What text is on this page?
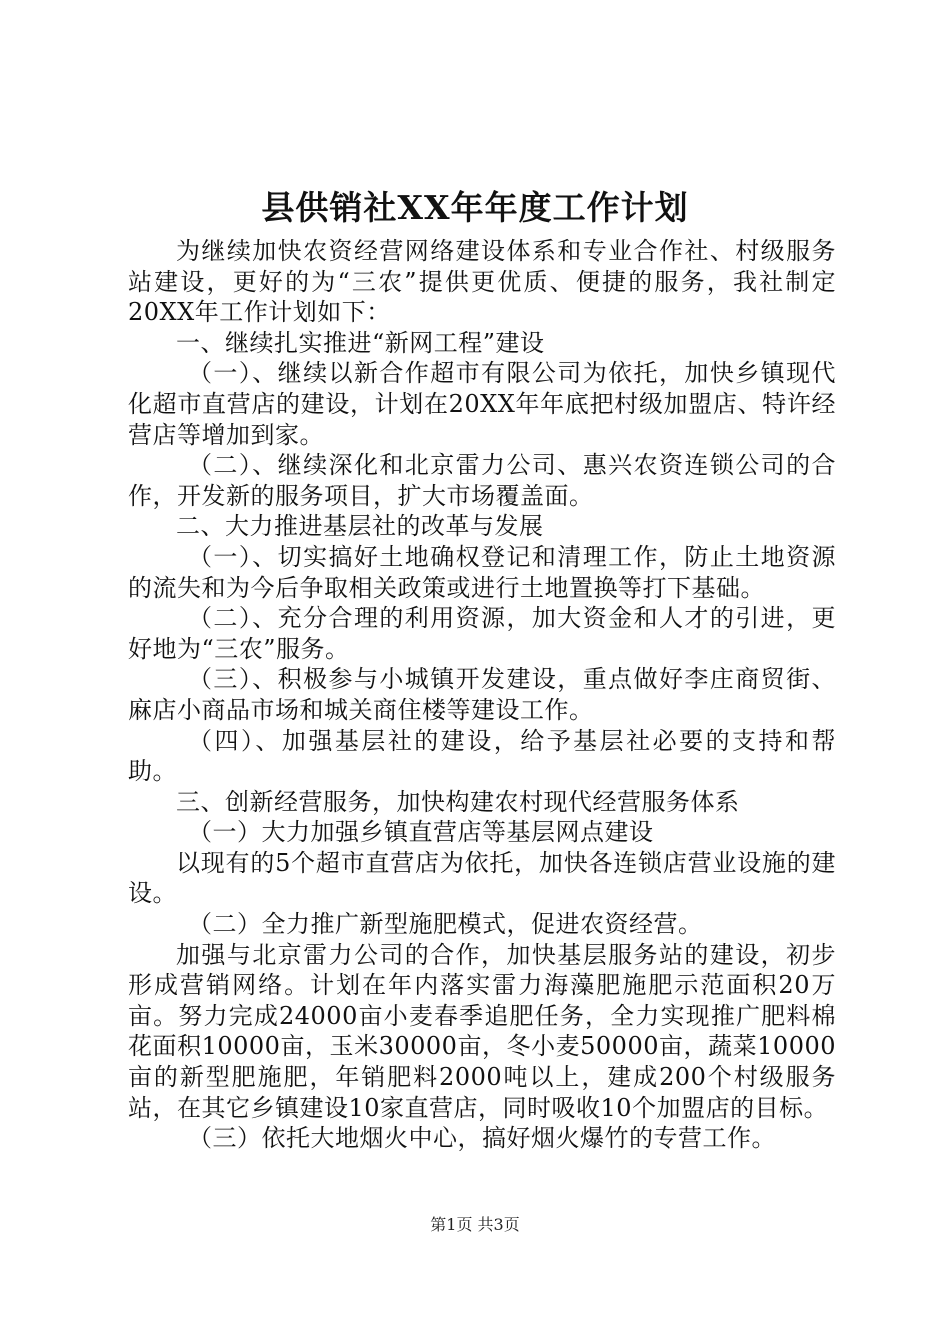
县供销社XX年年度工作计划

为继续加快农资经营网络建设体系和专业合作社、村级服务站建设，更好的为“三农”提供更优质、便捷的服务，我社制定20XX年工作计划如下：

一、继续扎实推进“新网工程”建设

（一）、继续以新合作超市有限公司为依托，加快乡镇现代化超市直营店的建设，计划在20XX年年底把村级加盟店、特许经营店等增加到家。

（二）、继续深化和北京雷力公司、惠兴农资连锁公司的合作，开发新的服务项目，扩大市场覆盖面。

二、大力推进基层社的改革与发展

（一）、切实搞好土地确权登记和清理工作，防止土地资源的流失和为今后争取相关政策或进行土地置换等打下基础。

（二）、充分合理的利用资源，加大资金和人才的引进，更好地为“三农”服务。

（三）、积极参与小城镇开发建设，重点做好李庄商贸街、麻店小商品市场和城关商住楼等建设工作。

（四）、加强基层社的建设，给予基层社必要的支持和帮助。

三、创新经营服务，加快构建农村现代经营服务体系

（一）大力加强乡镇直营店等基层网点建设

以现有的5个超市直营店为依托，加快各连锁店营业设施的建设。

（二）全力推广新型施肥模式，促进农资经营。

加强与北京雷力公司的合作，加快基层服务站的建设，初步形成营销网络。计划在年内落实雷力海藻肥施肥示范面积20万亩。努力完成24000亩小麦春季追肥任务，全力实现推广肥料棉花面积10000亩，玉米30000亩，冬小麦50000亩，蔬菜10000亩的新型肥施肥，年销肥料2000吨以上，建成200个村级服务站，在其它乡镇建设10家直营店，同时吸收10个加盟店的目标。

（三）依托大地烟火中心，搞好烟火爆竹的专营工作。

第1页 共3页
